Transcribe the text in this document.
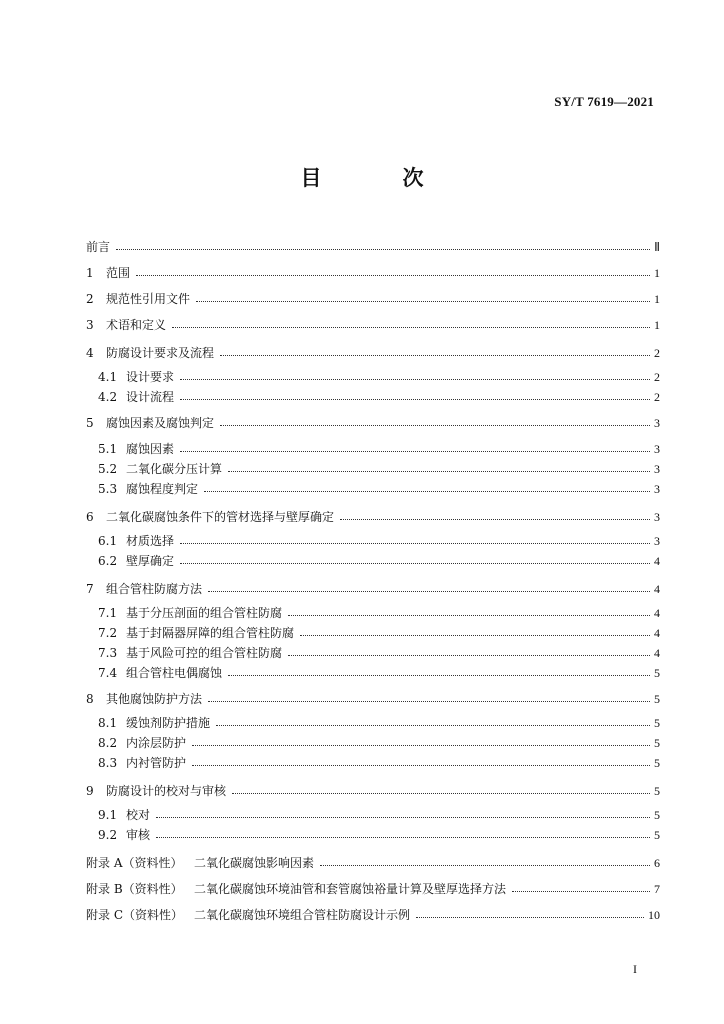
SY/T 7619—2021
目　次
前言	Ⅱ
1	范围	1
2	规范性引用文件	1
3	术语和定义	1
4	防腐设计要求及流程	2
4.1 设计要求	2
4.2 设计流程	2
5	腐蚀因素及腐蚀判定	3
5.1 腐蚀因素	3
5.2 二氧化碳分压计算	3
5.3 腐蚀程度判定	3
6	二氧化碳腐蚀条件下的管材选择与壁厚确定	3
6.1 材质选择	3
6.2 壁厚确定	4
7	组合管柱防腐方法	4
7.1 基于分压剖面的组合管柱防腐	4
7.2 基于封隔器屏障的组合管柱防腐	4
7.3 基于风险可控的组合管柱防腐	4
7.4 组合管柱电偶腐蚀	5
8	其他腐蚀防护方法	5
8.1 缓蚀剂防护措施	5
8.2 内涂层防护	5
8.3 内衬管防护	5
9	防腐设计的校对与审核	5
9.1 校对	5
9.2 审核	5
附录 A（资料性） 二氧化碳腐蚀影响因素	6
附录 B（资料性） 二氧化碳腐蚀环境油管和套管腐蚀裕量计算及壁厚选择方法	7
附录 C（资料性） 二氧化碳腐蚀环境组合管柱防腐设计示例	10
I
